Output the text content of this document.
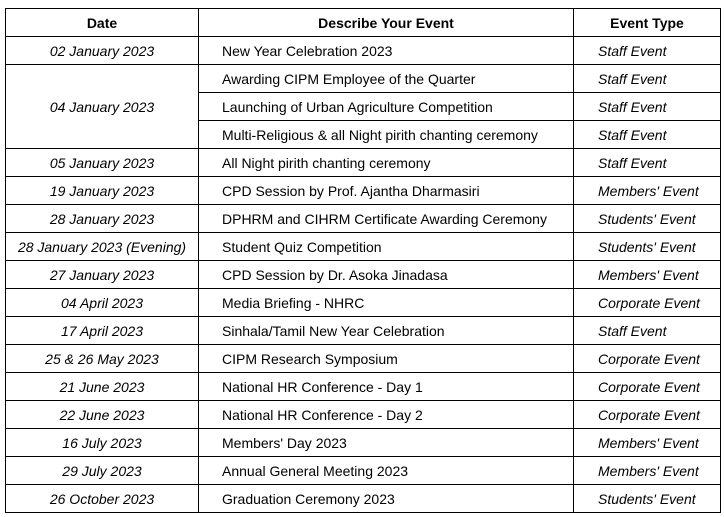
Date	Describe Your Event	Event Type
02 January 2023	New Year Celebration 2023	Staff Event
04 January 2023	Awarding CIPM Employee of the Quarter	Staff Event
	Launching of Urban Agriculture Competition	Staff Event
	Multi-Religious & all Night pirith chanting ceremony	Staff Event
05 January 2023	All Night pirith chanting ceremony	Staff Event
19 January 2023	CPD Session by Prof. Ajantha Dharmasiri	Members' Event
28 January 2023	DPHRM and CIHRM Certificate Awarding Ceremony	Students' Event
28 January 2023 (Evening)	Student Quiz Competition	Students' Event
27 January 2023	CPD Session by Dr. Asoka Jinadasa	Members' Event
04 April 2023	Media Briefing - NHRC	Corporate Event
17 April 2023	Sinhala/Tamil New Year Celebration	Staff Event
25 & 26 May 2023	CIPM Research Symposium	Corporate Event
21 June 2023	National HR Conference - Day 1	Corporate Event
22 June 2023	National HR Conference - Day 2	Corporate Event
16 July 2023	Members' Day 2023	Members' Event
29 July 2023	Annual General Meeting 2023	Members' Event
26 October 2023	Graduation Ceremony 2023	Students' Event
